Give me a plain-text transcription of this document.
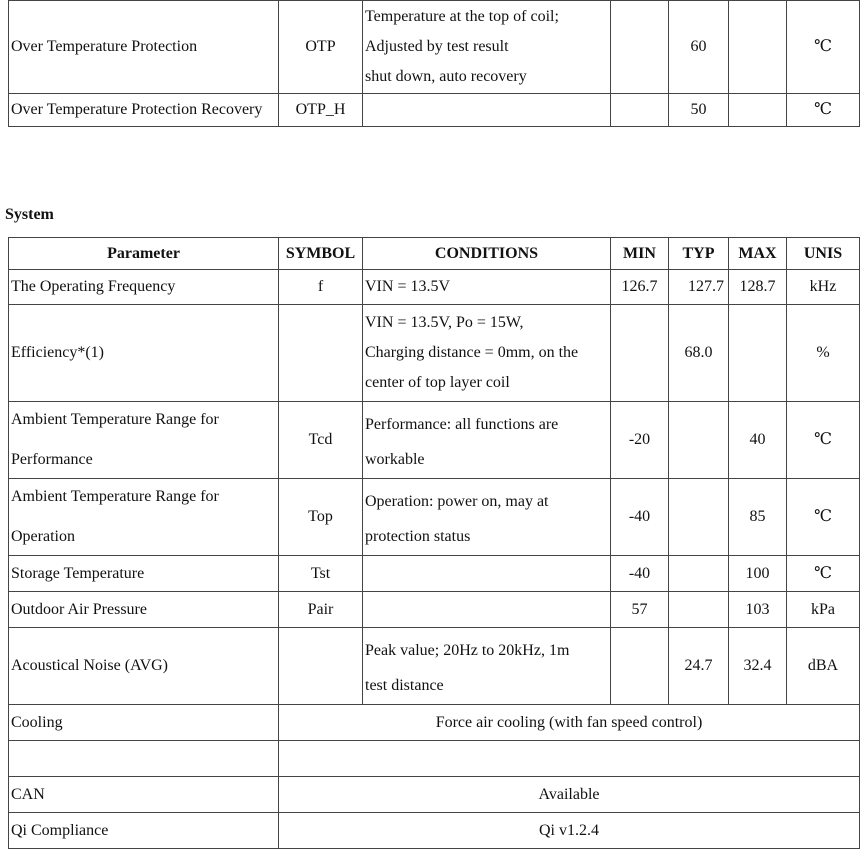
Over Temperature Protection	OTP	Temperature at the top of coil;
Adjusted by test result
shut down, auto recovery		60		℃
Over Temperature Protection Recovery	OTP_H			50		℃
System
Parameter	SYMBOL	CONDITIONS	MIN	TYP	MAX	UNIS

The Operating Frequency	f	VIN = 13.5V	126.7	127.7	128.7	kHz

Efficiency*(1)		VIN = 13.5V, Po = 15W,
Charging distance = 0mm, on the
center of top layer coil		68.0		%

Ambient Temperature Range for
Performance	Tcd	Performance: all functions are
workable	-20		40	℃

Ambient Temperature Range for
Operation	Top	Operation: power on, may at
protection status	-40		85	℃

Storage Temperature	Tst		-40		100	℃

Outdoor Air Pressure	Pair		57		103	kPa

Acoustical Noise (AVG)		Peak value; 20Hz to 20kHz, 1m
test distance		24.7	32.4	dBA
Cooling	Force air cooling (with fan speed control)					

CAN	Available					
Qi Compliance	Qi v1.2.4					
